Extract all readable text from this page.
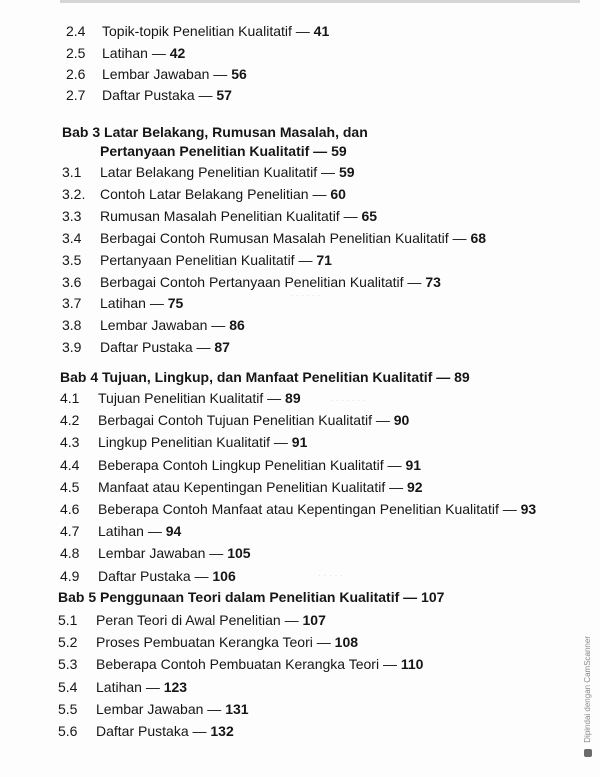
· · · · · ·
· · · · · · ·
· · · · ·
2.4 Topik-topik Penelitian Kualitatif — 41
2.5 Latihan — 42
2.6 Lembar Jawaban — 56
2.7 Daftar Pustaka — 57
Bab 3 Latar Belakang, Rumusan Masalah, dan
Pertanyaan Penelitian Kualitatif — 59
3.1 Latar Belakang Penelitian Kualitatif — 59
3.2. Contoh Latar Belakang Penelitian — 60
3.3 Rumusan Masalah Penelitian Kualitatif — 65
3.4 Berbagai Contoh Rumusan Masalah Penelitian Kualitatif — 68
3.5 Pertanyaan Penelitian Kualitatif — 71
3.6 Berbagai Contoh Pertanyaan Penelitian Kualitatif — 73
3.7 Latihan — 75
3.8 Lembar Jawaban — 86
3.9 Daftar Pustaka — 87
Bab 4 Tujuan, Lingkup, dan Manfaat Penelitian Kualitatif — 89
4.1 Tujuan Penelitian Kualitatif — 89
4.2 Berbagai Contoh Tujuan Penelitian Kualitatif — 90
4.3 Lingkup Penelitian Kualitatif — 91
4.4 Beberapa Contoh Lingkup Penelitian Kualitatif — 91
4.5 Manfaat atau Kepentingan Penelitian Kualitatif — 92
4.6 Beberapa Contoh Manfaat atau Kepentingan Penelitian Kualitatif — 93
4.7 Latihan — 94
4.8 Lembar Jawaban — 105
4.9 Daftar Pustaka — 106
Bab 5 Penggunaan Teori dalam Penelitian Kualitatif — 107
5.1 Peran Teori di Awal Penelitian — 107
5.2 Proses Pembuatan Kerangka Teori — 108
5.3 Beberapa Contoh Pembuatan Kerangka Teori — 110
5.4 Latihan — 123
5.5 Lembar Jawaban — 131
5.6 Daftar Pustaka — 132	Dipindai dengan CamScanner
